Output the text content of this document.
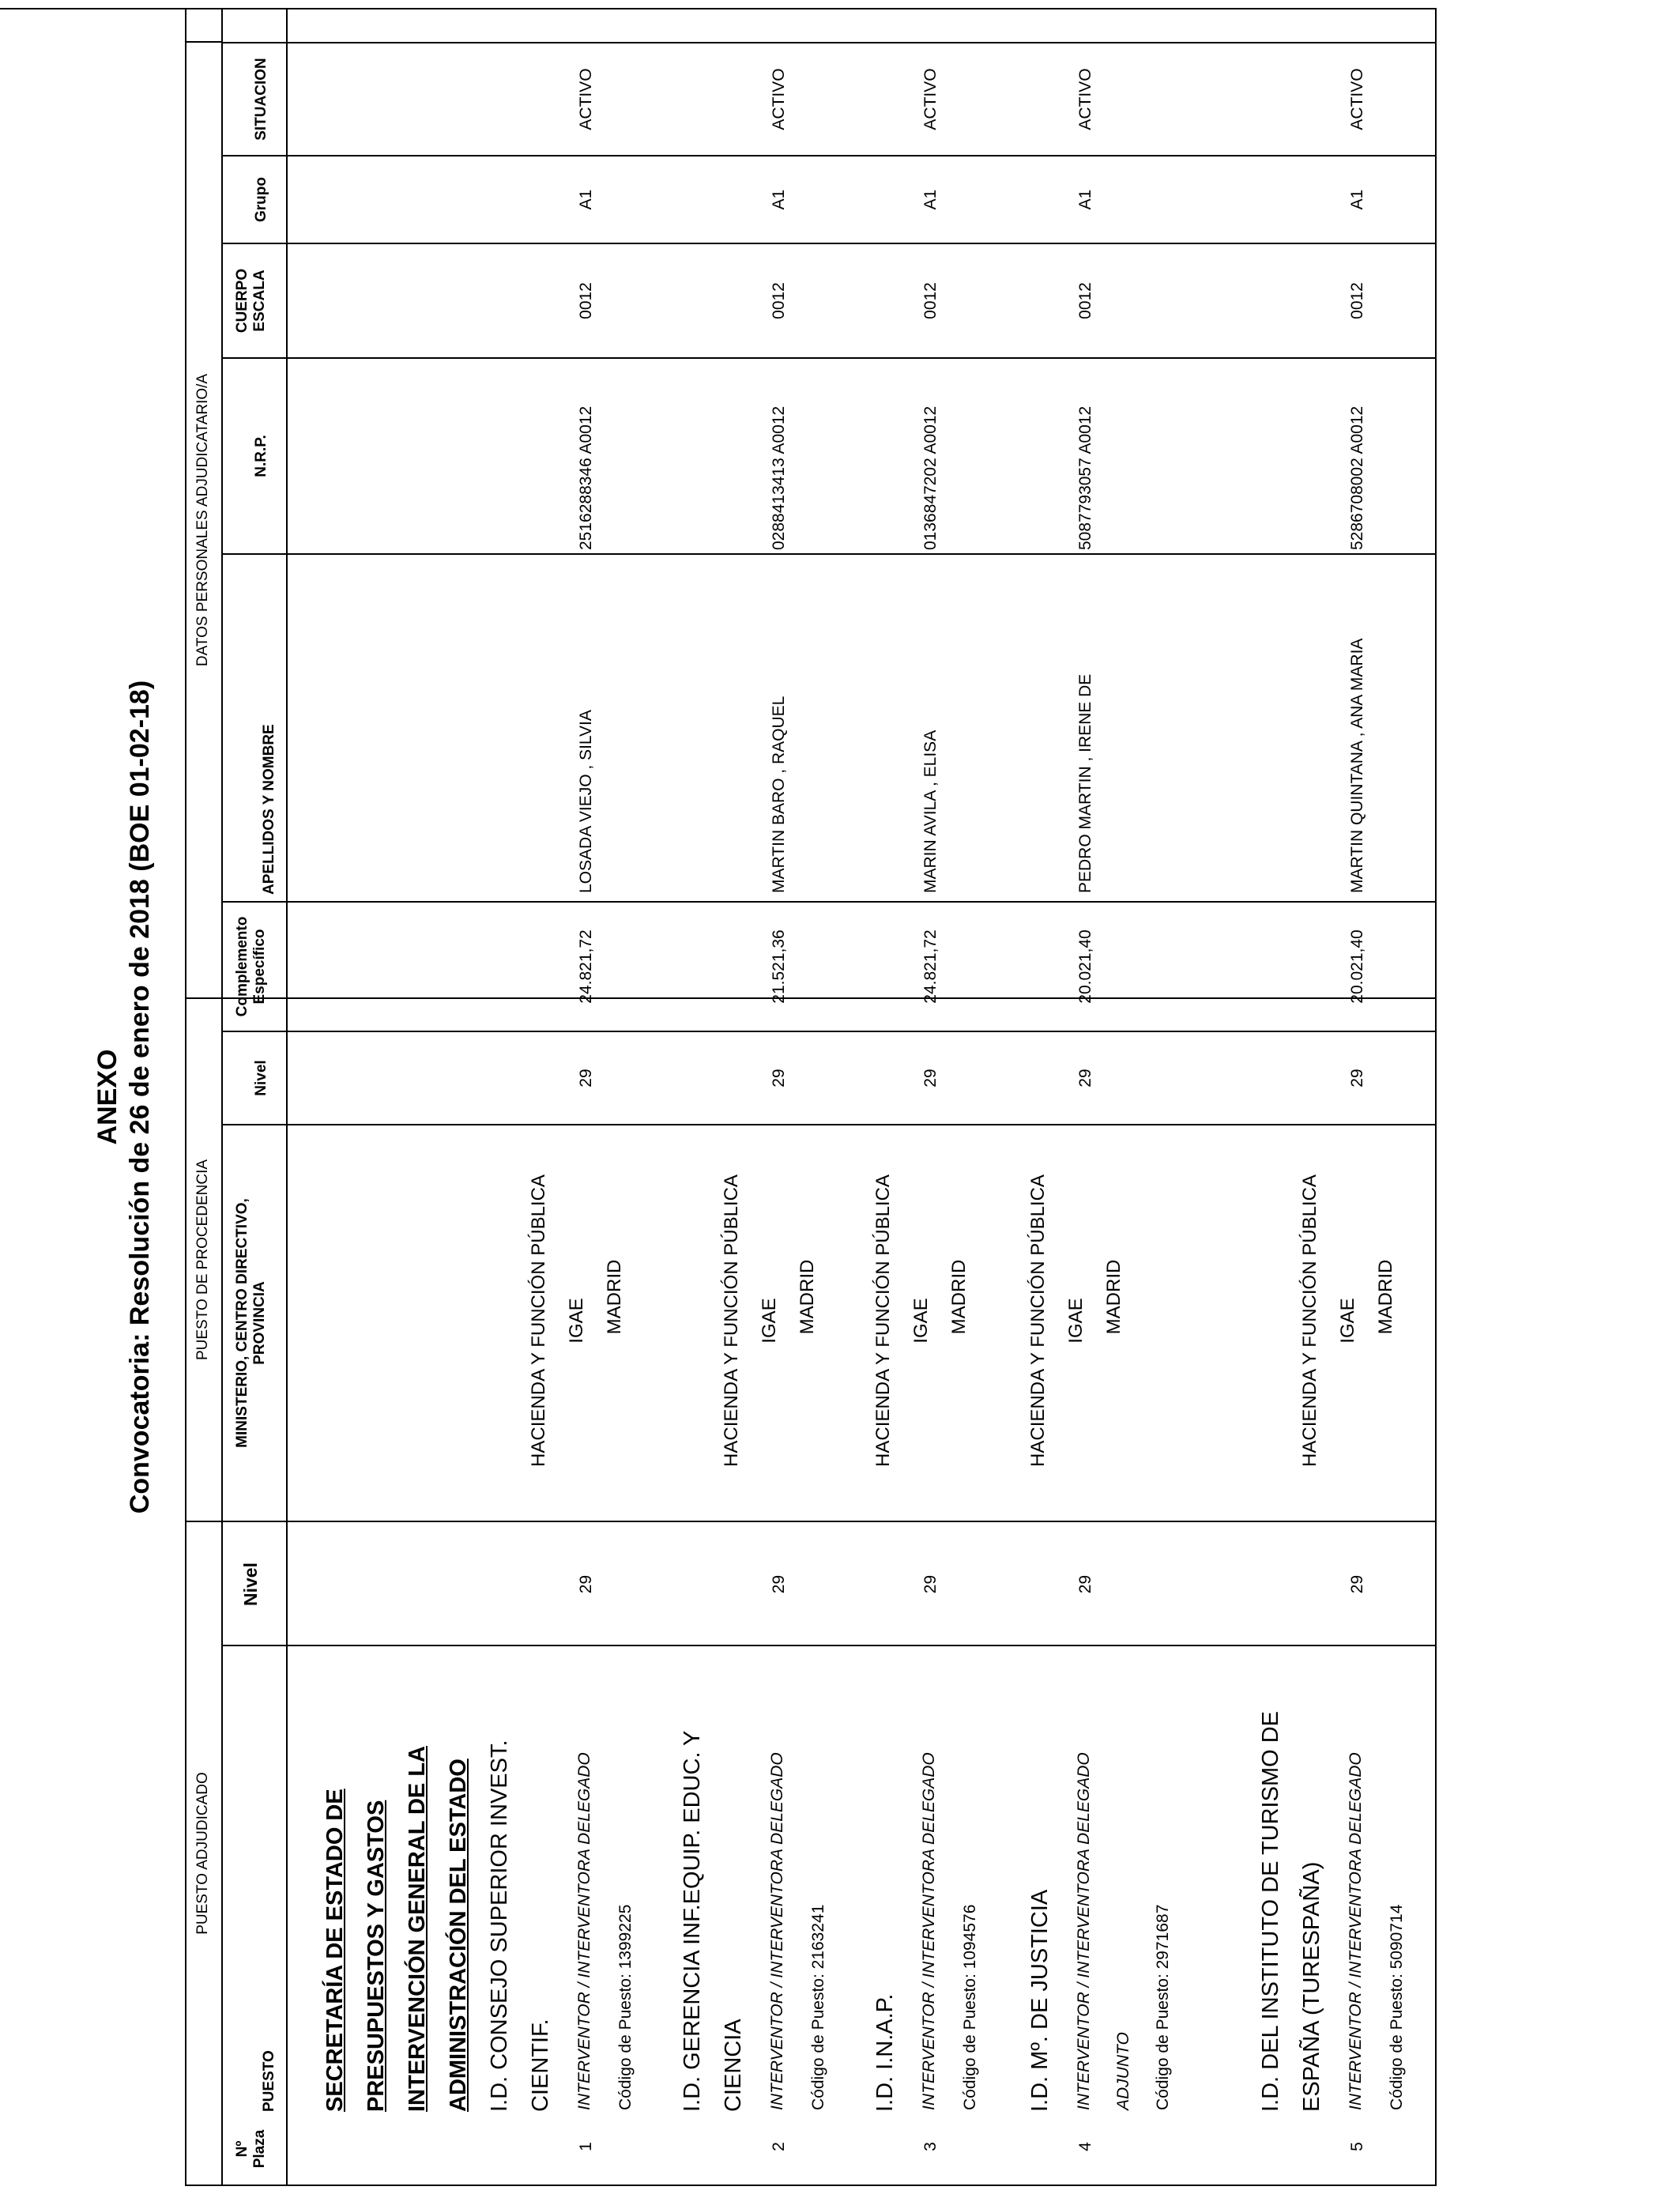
ANEXO Convocatoria: Resolución de 26 de enero de 2018 (BOE 01-02-18)
PUESTO ADJUDICADO
PUESTO DE PROCEDENCIA
DATOS PERSONALES ADJUDICATARIO/A
PUESTO
Nivel
MINISTERIO, CENTRO DIRECTIVO,
PROVINCIA
Nivel
Complemento
Específico
APELLIDOS Y NOMBRE
N.R.P.
CUERPO
ESCALA
Grupo
SITUACION
Nº
Plaza
SECRETARÍA DE ESTADO DE PRESUPUESTOS Y GASTOS INTERVENCIÓN GENERAL DE LA ADMINISTRACIÓN DEL ESTADO I.D. CONSEJO SUPERIOR INVEST. CIENTIF.
1
INTERVENTOR / INTERVENTORA DELEGADO Código de Puesto: 1399225
29
HACIENDA Y FUNCIÓN PÚBLICA IGAE MADRID
29
24.821,72
LOSADA VIEJO , SILVIA
2516288346 A0012
0012
A1
ACTIVO
I.D. GERENCIA INF.EQUIP. EDUC. Y CIENCIA
2
INTERVENTOR / INTERVENTORA DELEGADO Código de Puesto: 2163241
29
HACIENDA Y FUNCIÓN PÚBLICA IGAE MADRID
29
21.521,36
MARTIN BARO , RAQUEL
0288413413 A0012
0012
A1
ACTIVO
I.D. I.N.A.P.
3
INTERVENTOR / INTERVENTORA DELEGADO Código de Puesto: 1094576
29
HACIENDA Y FUNCIÓN PÚBLICA IGAE MADRID
29
24.821,72
MARIN AVILA , ELISA
0136847202 A0012
0012
A1
ACTIVO
I.D. Mº. DE JUSTICIA
4
INTERVENTOR / INTERVENTORA DELEGADO ADJUNTO Código de Puesto: 2971687
29
HACIENDA Y FUNCIÓN PÚBLICA IGAE MADRID
29
20.021,40
PEDRO MARTIN , IRENE DE
5087793057 A0012
0012
A1
ACTIVO
I.D. DEL INSTITUTO DE TURISMO DE ESPAÑA (TURESPAÑA)
5
INTERVENTOR / INTERVENTORA DELEGADO Código de Puesto: 5090714
29
HACIENDA Y FUNCIÓN PÚBLICA IGAE MADRID
29
20.021,40
MARTIN QUINTANA , ANA MARIA
5286708002 A0012
0012
A1
ACTIVO
